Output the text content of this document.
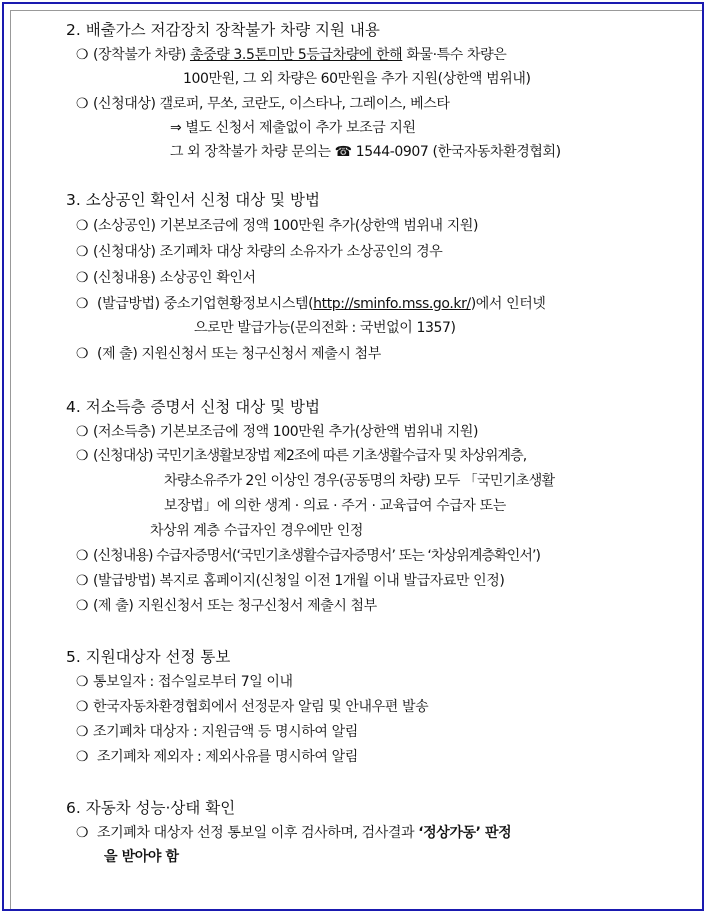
2. 배출가스 저감장치 장착불가 차량 지원 내용
❍ (장착불가 차량) 총중량 3.5톤미만 5등급차량에 한해 화물·특수 차량은
100만원, 그 외 차량은 60만원을 추가 지원(상한액 범위내)
❍ (신청대상) 갤로퍼, 무쏘, 코란도, 이스타나, 그레이스, 베스타
⇒ 별도 신청서 제출없이 추가 보조금 지원
그 외 장착불가 차량 문의는 ☎ 1544-0907 (한국자동차환경협회)
3. 소상공인 확인서 신청 대상 및 방법
❍ (소상공인) 기본보조금에 정액 100만원 추가(상한액 범위내 지원)
❍ (신청대상) 조기폐차 대상 차량의 소유자가 소상공인의 경우
❍ (신청내용) 소상공인 확인서
❍ (발급방법) 중소기업현황정보시스템(http://sminfo.mss.go.kr/)에서 인터넷
으로만 발급가능(문의전화 : 국번없이 1357)
❍ (제 출) 지원신청서 또는 청구신청서 제출시 첨부
4. 저소득층 증명서 신청 대상 및 방법
❍ (저소득층) 기본보조금에 정액 100만원 추가(상한액 범위내 지원)
❍ (신청대상) 국민기초생활보장법 제2조에 따른 기초생활수급자 및 차상위계층,
차량소유주가 2인 이상인 경우(공동명의 차량) 모두 「국민기초생활
보장법」에 의한 생계 · 의료 · 주거 · 교육급여 수급자 또는
차상위 계층 수급자인 경우에만 인정
❍ (신청내용) 수급자증명서(‘국민기초생활수급자증명서’ 또는 ‘차상위계층확인서’)
❍ (발급방법) 복지로 홈페이지(신청일 이전 1개월 이내 발급자료만 인정)
❍ (제 출) 지원신청서 또는 청구신청서 제출시 첨부
5. 지원대상자 선정 통보
❍ 통보일자 : 접수일로부터 7일 이내
❍ 한국자동차환경협회에서 선정문자 알림 및 안내우편 발송
❍ 조기폐차 대상자 : 지원금액 등 명시하여 알림
❍ 조기폐차 제외자 : 제외사유를 명시하여 알림
6. 자동차 성능·상태 확인
❍ 조기폐차 대상자 선정 통보일 이후 검사하며, 검사결과 ‘정상가동’ 판정
을 받아야 함
